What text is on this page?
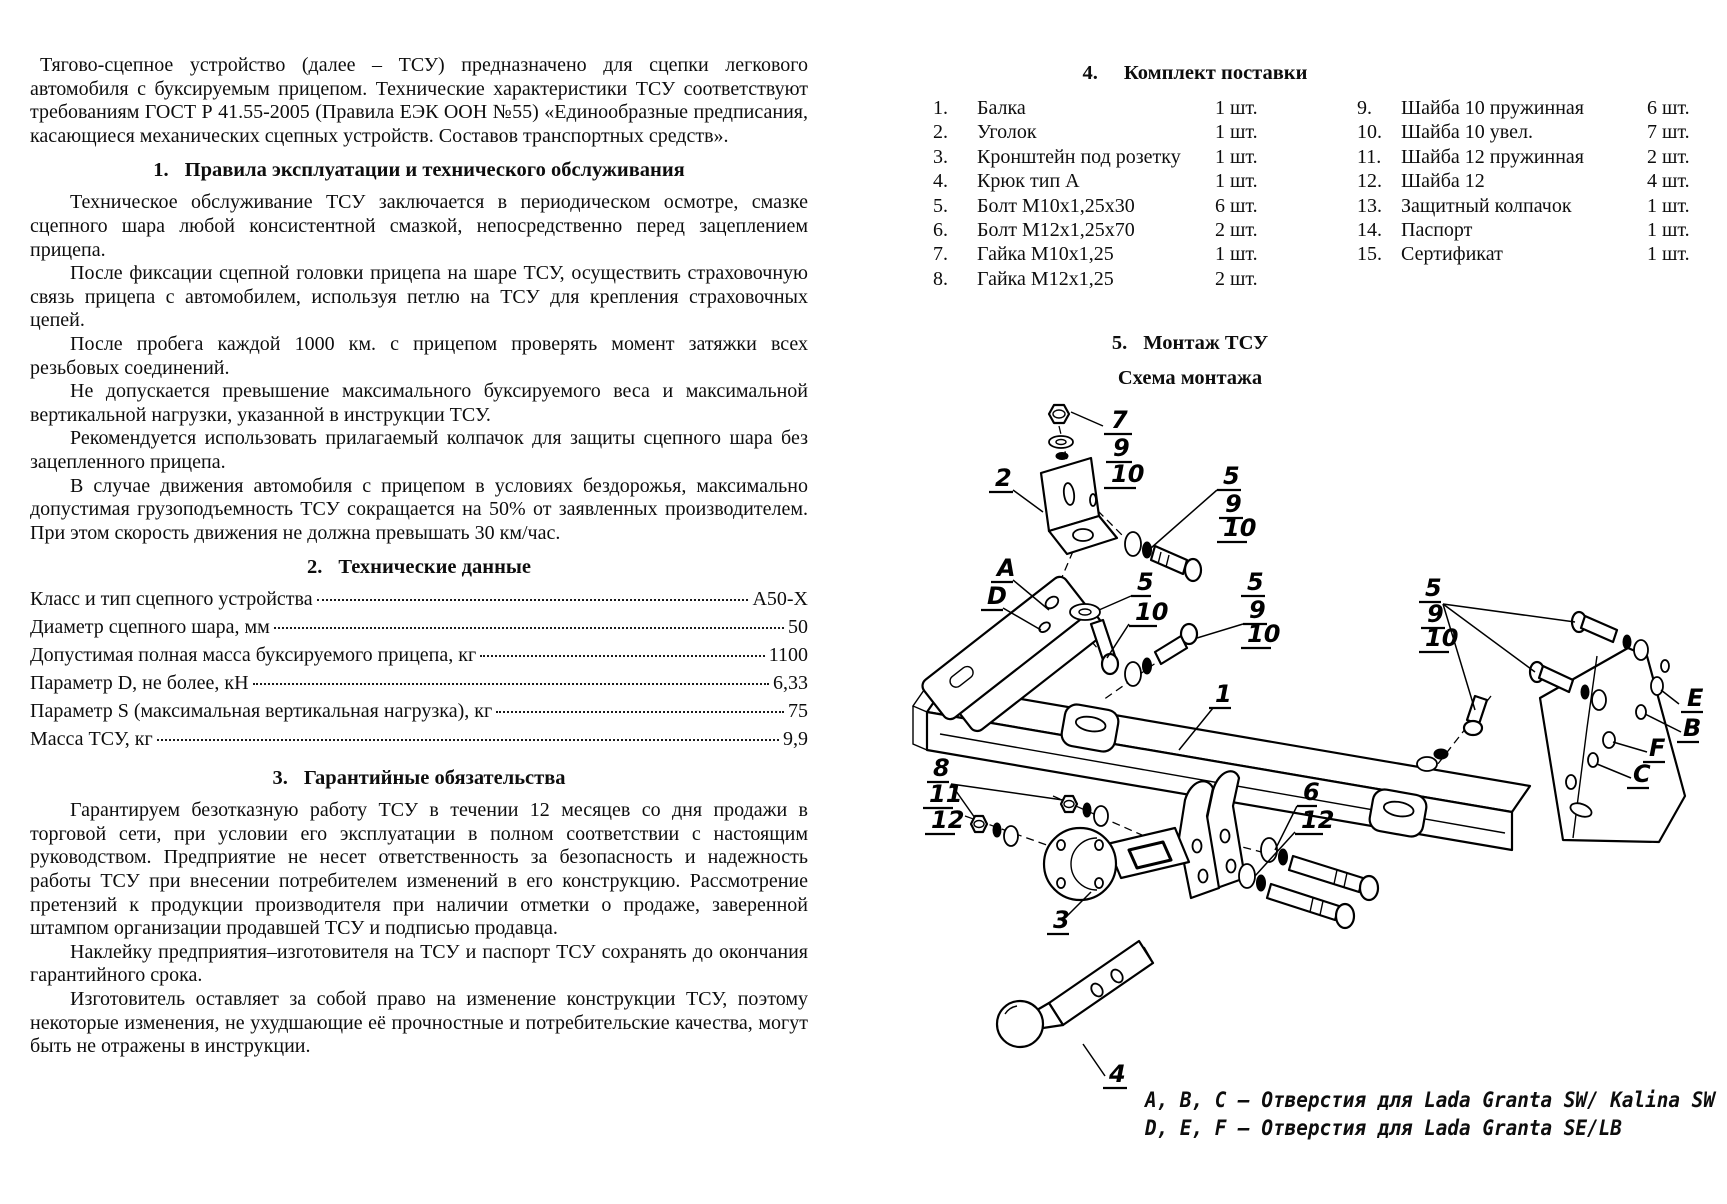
Тягово-сцепное устройство (далее – ТСУ) предназначено для сцепки легкового автомобиля с буксируемым прицепом. Технические характеристики ТСУ соответствуют требованиям ГОСТ Р 41.55-2005 (Правила ЕЭК ООН №55) «Единообразные предписания, касающиеся механических сцепных устройств. Составов транспортных средств».

1. Правила эксплуатации и технического обслуживания

Техническое обслуживание ТСУ заключается в периодическом осмотре, смазке сцепного шара любой консистентной смазкой, непосредственно перед зацеплением прицепа.

После фиксации сцепной головки прицепа на шаре ТСУ, осуществить страховочную связь прицепа с автомобилем, используя петлю на ТСУ для крепления страховочных цепей.

После пробега каждой 1000 км. с прицепом проверять момент затяжки всех резьбовых соединений.

Не допускается превышение максимального буксируемого веса и максимальной вертикальной нагрузки, указанной в инструкции ТСУ.

Рекомендуется использовать прилагаемый колпачок для защиты сцепного шара без зацепленного прицепа.

В случае движения автомобиля с прицепом в условиях бездорожья, максимально допустимая грузоподъемность ТСУ сокращается на 50% от заявленных производителем. При этом скорость движения не должна превышать 30 км/час.

2. Технические данные
Класс и тип сцепного устройства	А50-Х
Диаметр сцепного шара, мм	50
Допустимая полная масса буксируемого прицепа, кг	1100
Параметр D, не более, кН	6,33
Параметр S (максимальная вертикальная нагрузка), кг	75
Масса ТСУ, кг	9,9
3. Гарантийные обязательства

Гарантируем безотказную работу ТСУ в течении 12 месяцев со дня продажи в торговой сети, при условии его эксплуатации в полном соответствии с настоящим руководством. Предприятие не несет ответственность за безопасность и надежность работы ТСУ при внесении потребителем изменений в его конструкцию. Рассмотрение претензий к продукции производителя при наличии отметки о продаже, заверенной штампом организации продавшей ТСУ и подписью продавца.

Наклейку предприятия–изготовителя на ТСУ и паспорт ТСУ сохранять до окончания гарантийного срока.

Изготовитель оставляет за собой право на изменение конструкции ТСУ, поэтому некоторые изменения, не ухудшающие её прочностные и потребительские качества, могут быть не отражены в инструкции.

4. Комплект поставки
1.	Балка	1 шт.
2.	Уголок	1 шт.
3.	Кронштейн под розетку	1 шт.
4.	Крюк тип А	1 шт.
5.	Болт М10х1,25х30	6 шт.
6.	Болт М12х1,25х70	2 шт.
7.	Гайка М10х1,25	1 шт.
8.	Гайка М12х1,25	2 шт.
9.	Шайба 10 пружинная	6 шт.
10. Шайба 10 увел.	7 шт.
11. Шайба 12 пружинная	2 шт.
12. Шайба 12	4 шт.
13. Защитный колпачок	1 шт.
14. Паспорт	1 шт.
15. Сертификат	1 шт.
5. Монтаж ТСУ
Схема монтажа
7
9
10
2	5
9
10
A
D	5
10
5
9
10
1
8
11
12
6
12
3
5
9
10
E
B
F
C
4
A, B, C – Отверстия для Lada Granta SW/ Kalina SW
D, E, F – Отверстия для Lada Granta SE/LB
